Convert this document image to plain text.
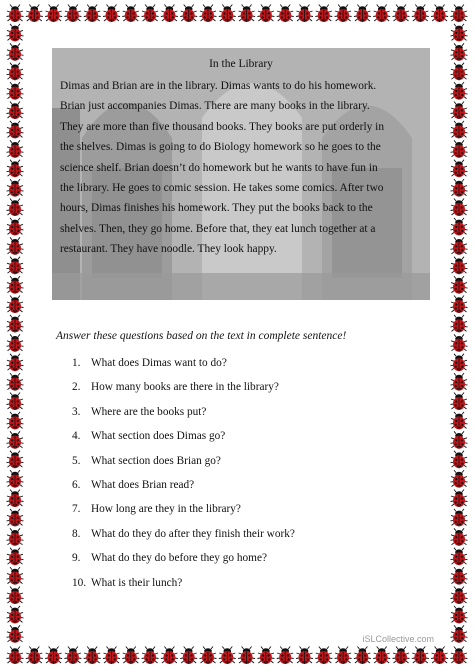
In the Library
Dimas and Brian are in the library. Dimas wants to do his homework.
Brian just accompanies Dimas. There are many books in the library.
They are more than five thousand books. They books are put orderly in
the shelves. Dimas is going to do Biology homework so he goes to the
science shelf. Brian doesn’t do homework but he wants to have fun in
the library. He goes to comic session. He takes some comics. After two
hours, Dimas finishes his homework. They put the books back to the
shelves. Then, they go home. Before that, they eat lunch together at a
restaurant. They have noodle. They look happy.
Answer these questions based on the text in complete sentence!
1. What does Dimas want to do?
2. How many books are there in the library?
3. Where are the books put?
4. What section does Dimas go?
5. What section does Brian go?
6. What does Brian read?
7. How long are they in the library?
8. What do they do after they finish their work?
9. What do they do before they go home?
10. What is their lunch?
iSLCollective.com
